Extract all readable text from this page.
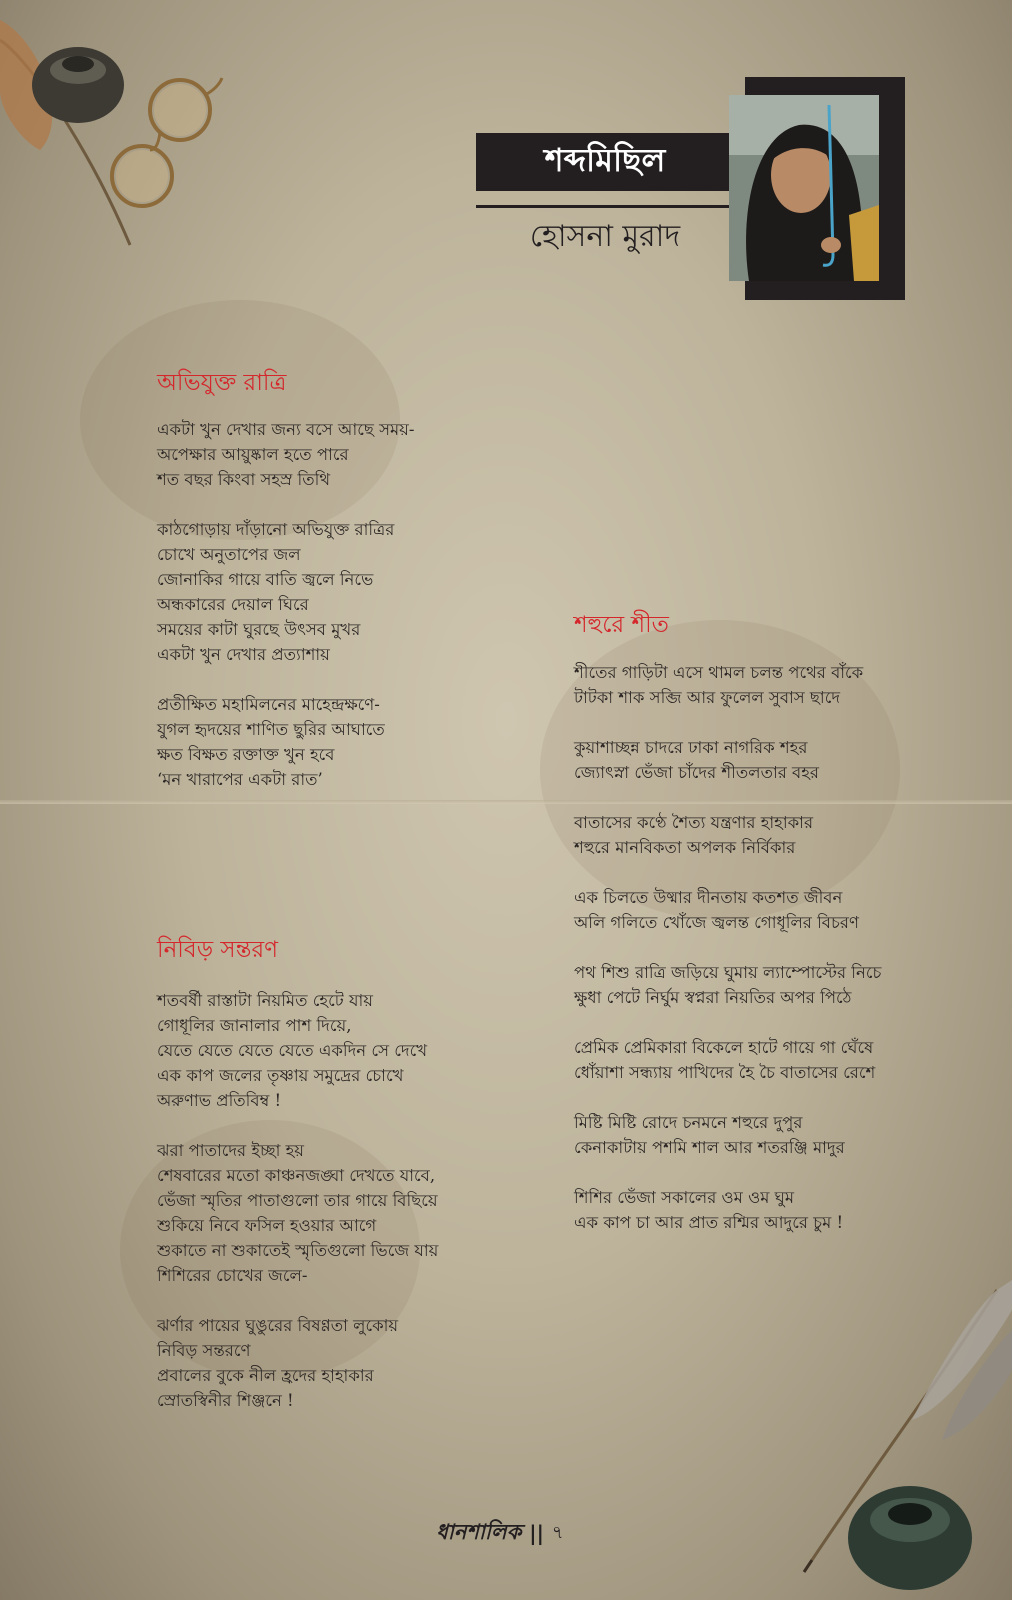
শব্দমিছিল
হোসনা মুরাদ
অভিযুক্ত রাত্রি
একটা খুন দেখার জন্য বসে আছে সময়-
অপেক্ষার আয়ুষ্কাল হতে পারে
শত বছর কিংবা সহস্র তিথি
কাঠগোড়ায় দাঁড়ানো অভিযুক্ত রাত্রির
চোখে অনুতাপের জল
জোনাকির গায়ে বাতি জ্বলে নিভে
অন্ধকারের দেয়াল ঘিরে
সময়ের কাটা ঘুরছে উৎসব মুখর
একটা খুন দেখার প্রত্যাশায়
প্রতীক্ষিত মহামিলনের মাহেন্দ্রক্ষণে-
যুগল হৃদয়ের শাণিত ছুরির আঘাতে
ক্ষত বিক্ষত রক্তাক্ত খুন হবে
‘মন খারাপের একটা রাত’
নিবিড় সন্তরণ
শতবর্ষী রাস্তাটা নিয়মিত হেটে যায়
গোধূলির জানালার পাশ দিয়ে,
যেতে যেতে যেতে যেতে একদিন সে দেখে
এক কাপ জলের তৃষ্ণায় সমুদ্রের চোখে
অরুণাভ প্রতিবিম্ব !
ঝরা পাতাদের ইচ্ছা হয়
শেষবারের মতো কাঞ্চনজঙ্ঘা দেখতে যাবে,
ভেঁজা স্মৃতির পাতাগুলো তার গায়ে বিছিয়ে
শুকিয়ে নিবে ফসিল হওয়ার আগে
শুকাতে না শুকাতেই স্মৃতিগুলো ভিজে যায়
শিশিরের চোখের জলে-
ঝর্ণার পায়ের ঘুঙুরের বিষণ্ণতা লুকোয়
নিবিড় সন্তরণে
প্রবালের বুকে নীল হ্রদের হাহাকার
স্রোতস্বিনীর শিঞ্জনে !
শহুরে শীত
শীতের গাড়িটা এসে থামল চলন্ত পথের বাঁকে
টাটকা শাক সব্জি আর ফুলেল সুবাস ছাদে
কুয়াশাচ্ছন্ন চাদরে ঢাকা নাগরিক শহর
জ্যোৎস্না ভেঁজা চাঁদের শীতলতার বহর
বাতাসের কণ্ঠে শৈত্য যন্ত্রণার হাহাকার
শহুরে মানবিকতা অপলক নির্বিকার
এক চিলতে উষ্মার দীনতায় কতশত জীবন
অলি গলিতে খোঁজে জ্বলন্ত গোধূলির বিচরণ
পথ শিশু রাত্রি জড়িয়ে ঘুমায় ল্যাম্পোস্টের নিচে
ক্ষুধা পেটে নির্ঘুম স্বপ্নরা নিয়তির অপর পিঠে
প্রেমিক প্রেমিকারা বিকেলে হাটে গায়ে গা ঘেঁষে
ধোঁয়াশা সন্ধ্যায় পাখিদের হৈ চৈ বাতাসের রেশে
মিষ্টি মিষ্টি রোদে চনমনে শহুরে দুপুর
কেনাকাটায় পশমি শাল আর শতরঞ্জি মাদুর
শিশির ভেঁজা সকালের ওম ওম ঘুম
এক কাপ চা আর প্রাত রশ্মির আদুরে চুম !
ধানশালিক || ৭
